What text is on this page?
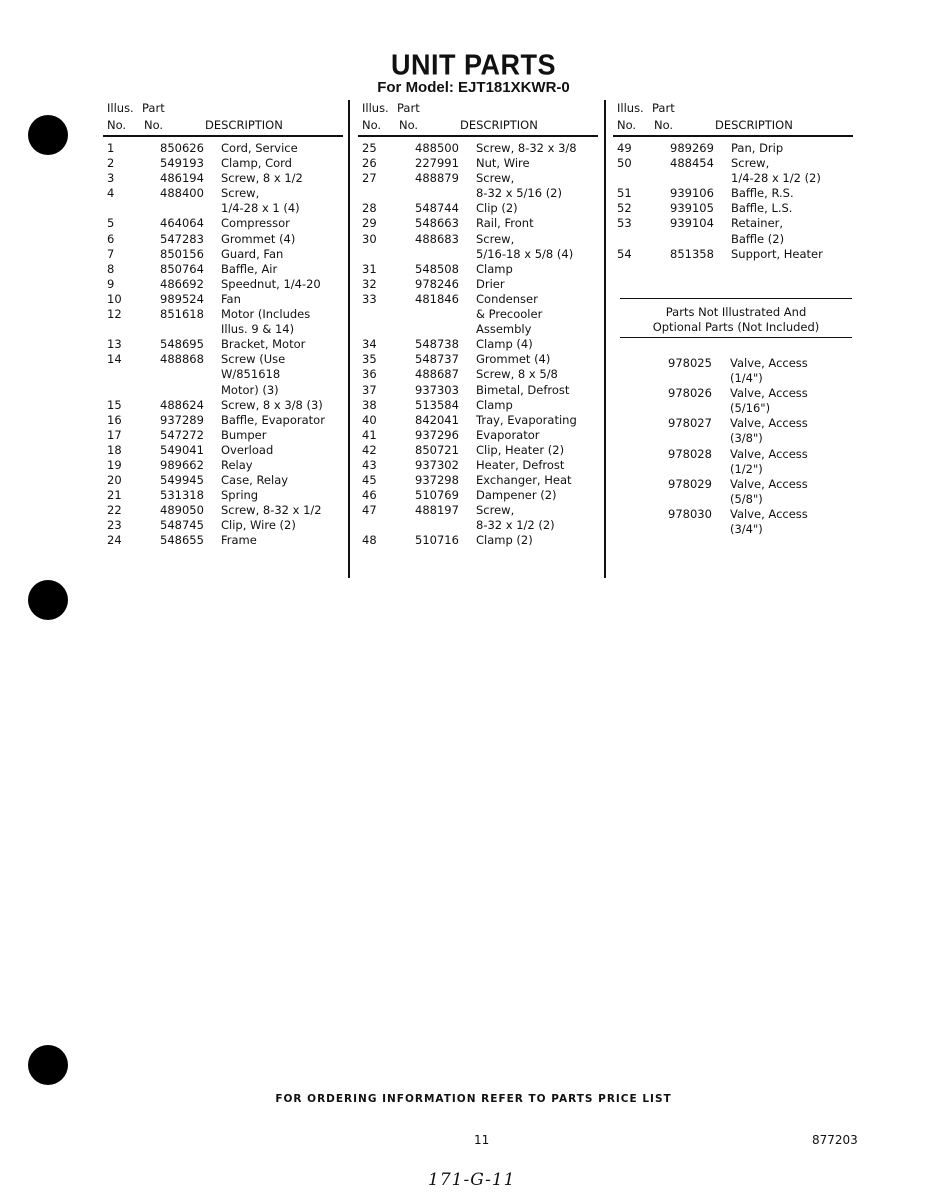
UNIT PARTS
For Model: EJT181XKWR-0
Illus. Part
No. No.	DESCRIPTION
1	850626 Cord, Service
2	549193 Clamp, Cord
3	486194 Screw, 8 x 1/2
4	488400 Screw,
1/4-28 x 1 (4)
5	464064 Compressor
6	547283 Grommet (4)
7	850156 Guard, Fan
8	850764 Baffle, Air
9	486692 Speednut, 1/4-20
10	989524 Fan
12	851618 Motor (Includes
Illus. 9 & 14)
13	548695 Bracket, Motor
14	488868 Screw (Use
W/851618
Motor) (3)
15	488624 Screw, 8 x 3/8 (3)
16	937289 Baffle, Evaporator
17	547272 Bumper
18	549041 Overload
19	989662 Relay
20	549945 Case, Relay
21	531318 Spring
22	489050 Screw, 8-32 x 1/2
23	548745 Clip, Wire (2)
24	548655 Frame
Illus. Part
No. No.	DESCRIPTION
25	488500 Screw, 8-32 x 3/8
26	227991 Nut, Wire
27	488879 Screw,
8-32 x 5/16 (2)
28	548744 Clip (2)
29	548663 Rail, Front
30	488683 Screw,
5/16-18 x 5/8 (4)
31	548508 Clamp
32	978246 Drier
33	481846 Condenser
& Precooler
Assembly
34	548738 Clamp (4)
35	548737 Grommet (4)
36	488687 Screw, 8 x 5/8
37	937303 Bimetal, Defrost
38	513584 Clamp
40	842041 Tray, Evaporating
41	937296 Evaporator
42	850721 Clip, Heater (2)
43	937302 Heater, Defrost
45	937298 Exchanger, Heat
46	510769 Dampener (2)
47	488197 Screw,
8-32 x 1/2 (2)
48	510716 Clamp (2)
Illus. Part
No. No.	DESCRIPTION
49	989269 Pan, Drip
50	488454 Screw,
1/4-28 x 1/2 (2)
51	939106 Baffle, R.S.
52	939105 Baffle, L.S.
53	939104 Retainer,
Baffle (2)
54	851358 Support, Heater
Parts Not Illustrated And
Optional Parts (Not Included)
978025 Valve, Access
(1/4")
978026 Valve, Access
(5/16")
978027 Valve, Access
(3/8")
978028 Valve, Access
(1/2")
978029 Valve, Access
(5/8")
978030 Valve, Access
(3/4")
FOR ORDERING INFORMATION REFER TO PARTS PRICE LIST
11	877203
171-G-11
